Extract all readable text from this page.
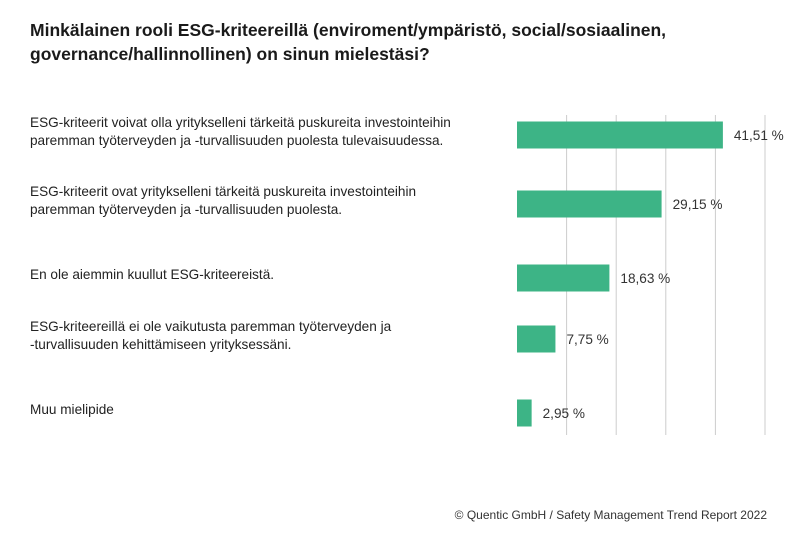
Minkälainen rooli ESG-kriteereillä (enviroment/ympäristö, social/sosiaalinen,
governance/hallinnollinen) on sinun mielestäsi?
ESG-kriteerit voivat olla yritykselleni tärkeitä puskureita investointeihin
paremman työterveyden ja -turvallisuuden puolesta tulevaisuudessa.
ESG-kriteerit ovat yritykselleni tärkeitä puskureita investointeihin
paremman työterveyden ja -turvallisuuden puolesta.
En ole aiemmin kuullut ESG-kriteereistä.
ESG-kriteereillä ei ole vaikutusta paremman työterveyden ja
-turvallisuuden kehittämiseen yrityksessäni.
Muu mielipide
41,51 %
29,15 %
18,63 %
7,75 %
2,95 %
© Quentic GmbH / Safety Management Trend Report 2022
